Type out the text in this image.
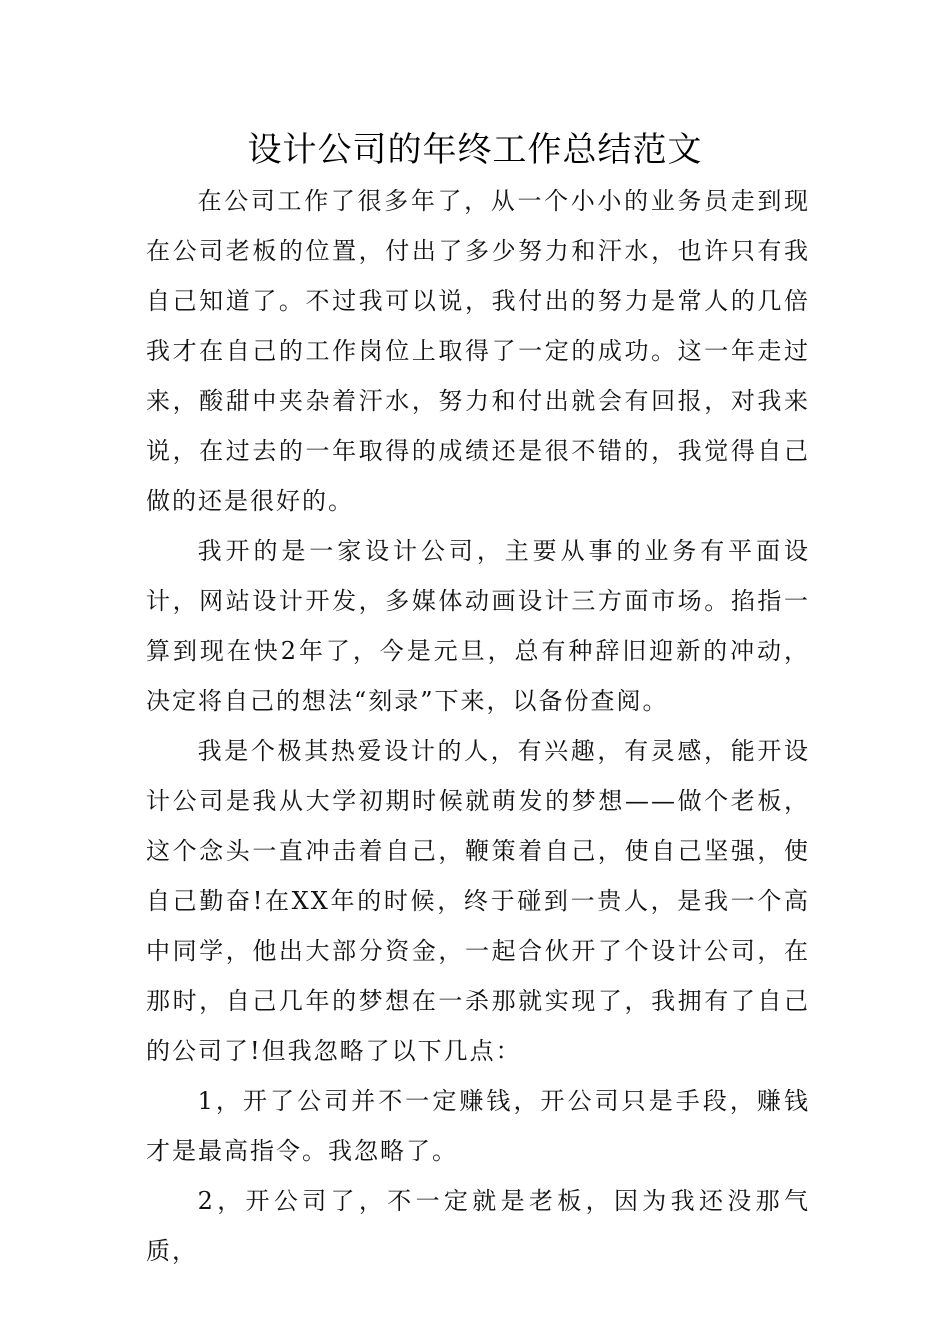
设计公司的年终工作总结范文

在公司工作了很多年了，从一个小小的业务员走到现在公司老板的位置，付出了多少努力和汗水，也许只有我自己知道了。不过我可以说，我付出的努力是常人的几倍我才在自己的工作岗位上取得了一定的成功。这一年走过来，酸甜中夹杂着汗水，努力和付出就会有回报，对我来说，在过去的一年取得的成绩还是很不错的，我觉得自己做的还是很好的。

我开的是一家设计公司，主要从事的业务有平面设计，网站设计开发，多媒体动画设计三方面市场。掐指一算到现在快2年了，今是元旦，总有种辞旧迎新的冲动，决定将自己的想法“刻录”下来，以备份查阅。

我是个极其热爱设计的人，有兴趣，有灵感，能开设计公司是我从大学初期时候就萌发的梦想——做个老板，这个念头一直冲击着自己，鞭策着自己，使自己坚强，使自己勤奋!在XX年的时候，终于碰到一贵人，是我一个高中同学，他出大部分资金，一起合伙开了个设计公司，在那时，自己几年的梦想在一杀那就实现了，我拥有了自己的公司了!但我忽略了以下几点：

1，开了公司并不一定赚钱，开公司只是手段，赚钱才是最高指令。我忽略了。

2，开公司了，不一定就是老板，因为我还没那气质，
